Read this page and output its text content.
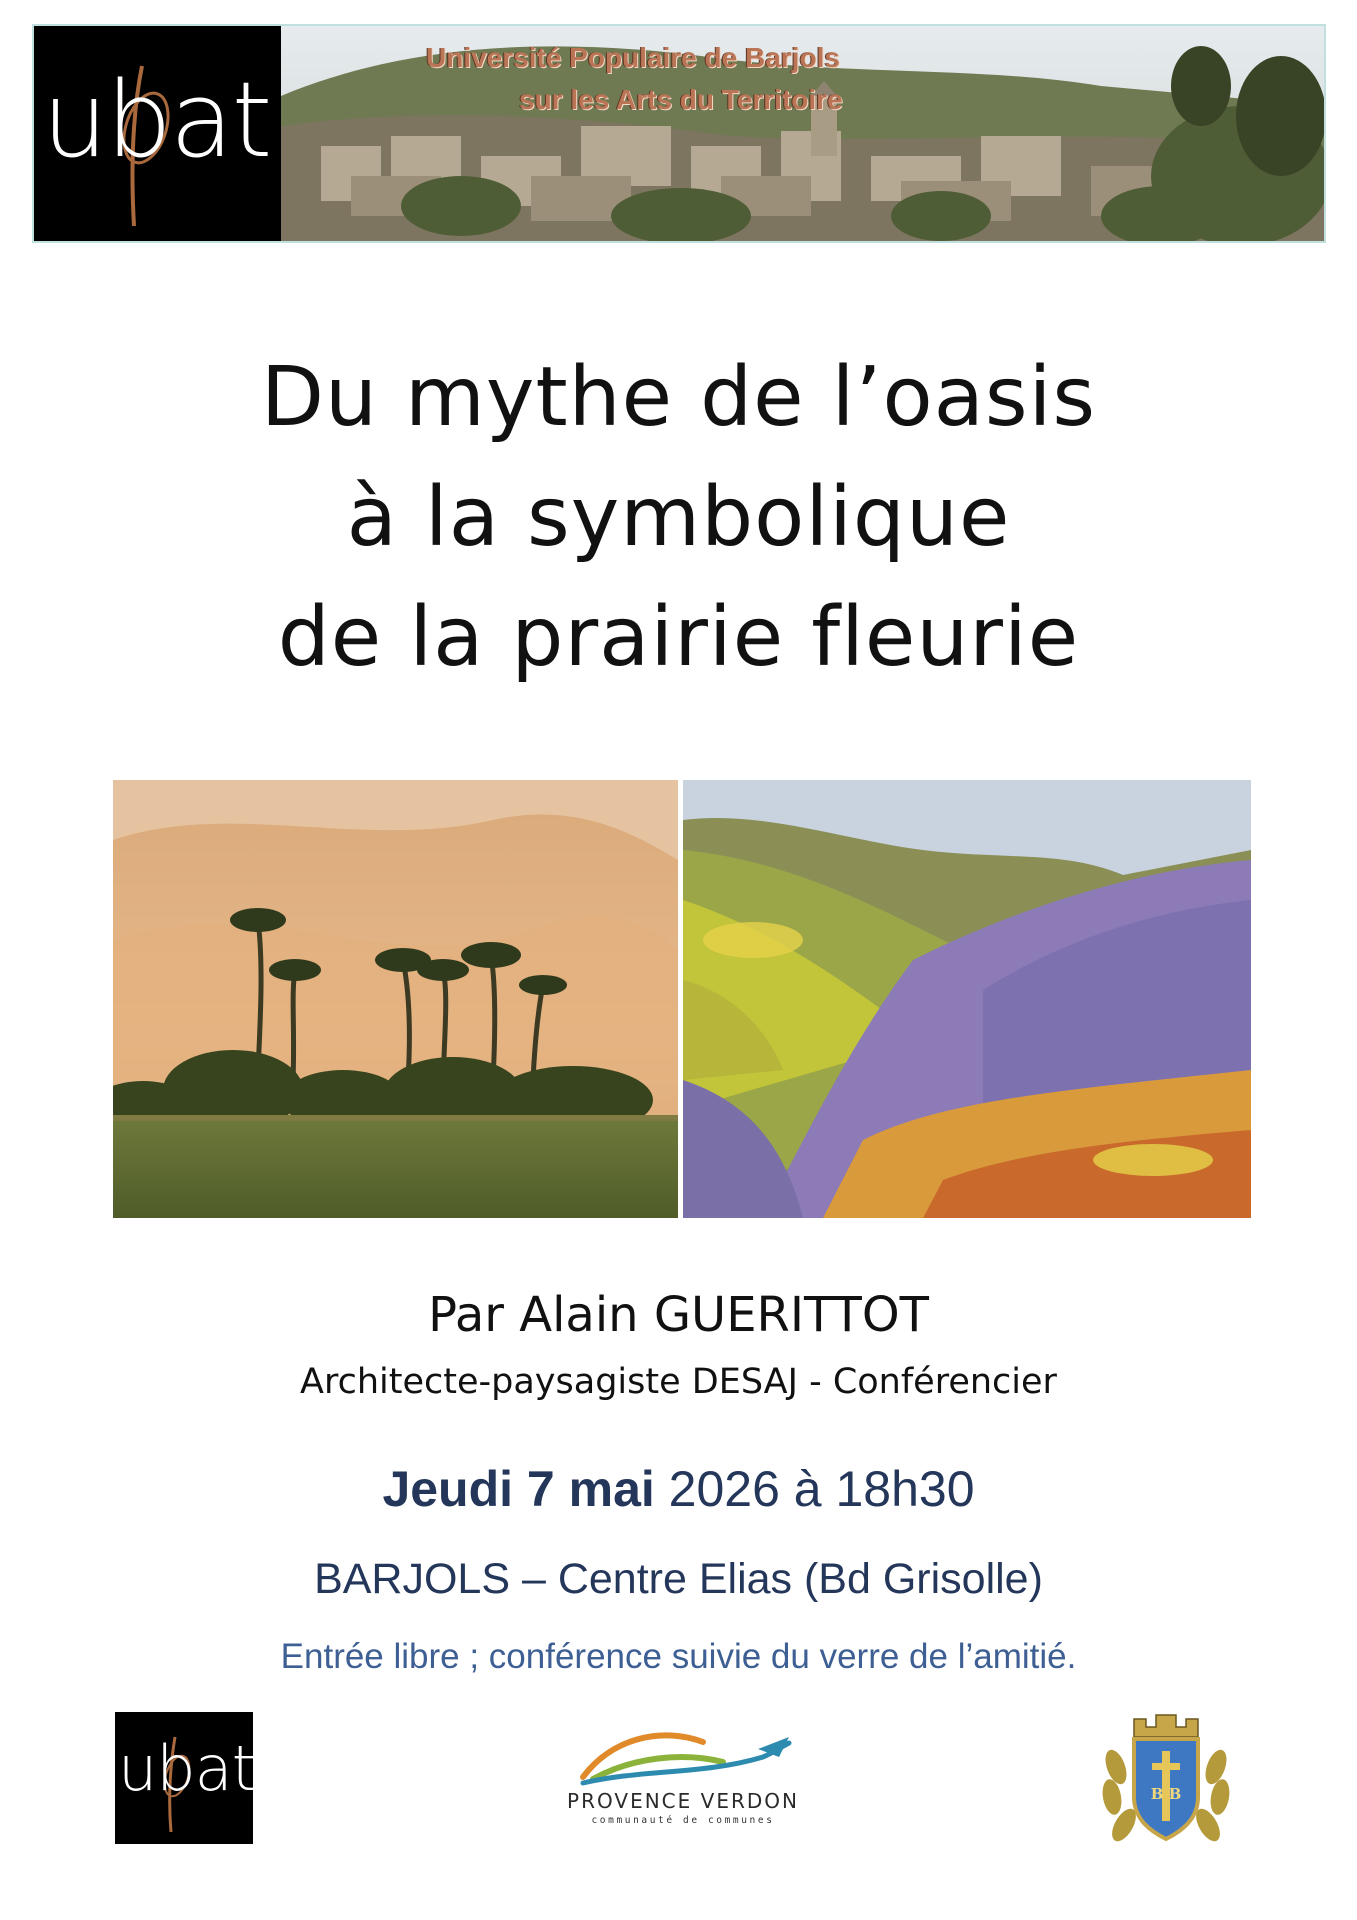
ubat
Université Populaire de Barjols
sur les Arts du Territoire
Du mythe de l’oasis
à la symbolique
de la prairie fleurie
Par Alain GUERITTOT
Architecte-paysagiste DESAJ - Conférencier
Jeudi 7 mai 2026 à 18h30
BARJOLS – Centre Elias (Bd Grisolle)
Entrée libre ; conférence suivie du verre de l’amitié.
ubat	PROVENCE VERDON
communauté de communes
B B
